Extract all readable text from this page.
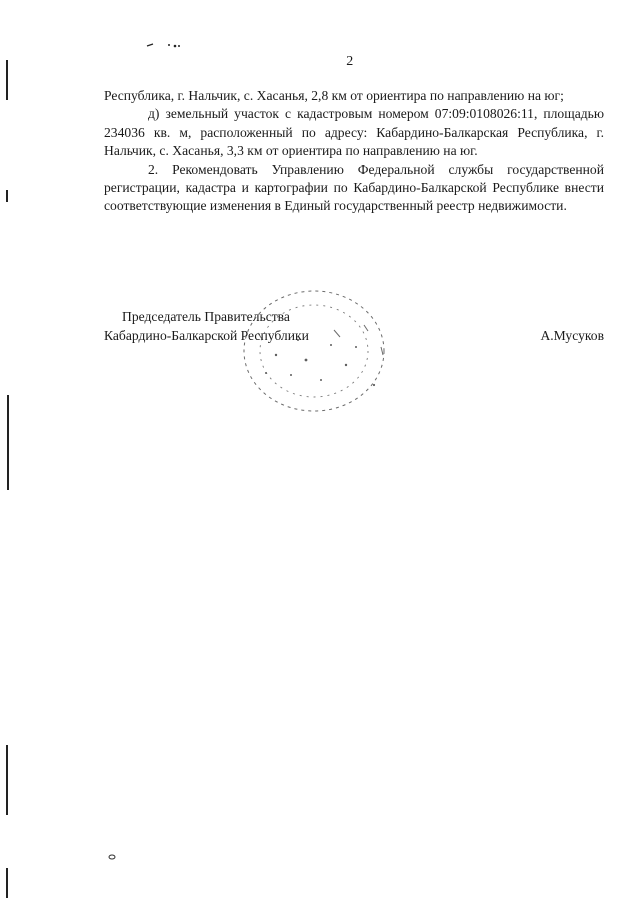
2

Республика, г. Нальчик, с. Хасанья, 2,8 км от ориентира по направлению на юг;

д) земельный участок с кадастровым номером 07:09:0108026:11, площадью 234036 кв. м, расположенный по адресу: Кабардино-Балкарская Республика, г. Нальчик, с. Хасанья, 3,3 км от ориентира по направлению на юг.

2. Рекомендовать Управлению Федеральной службы государственной регистрации, кадастра и картографии по Кабардино-Балкарской Республике внести соответствующие изменения в Единый государственный реестр недвижимости.

Председатель Правительства
Кабардино-Балкарской Республики	А.Мусуков
